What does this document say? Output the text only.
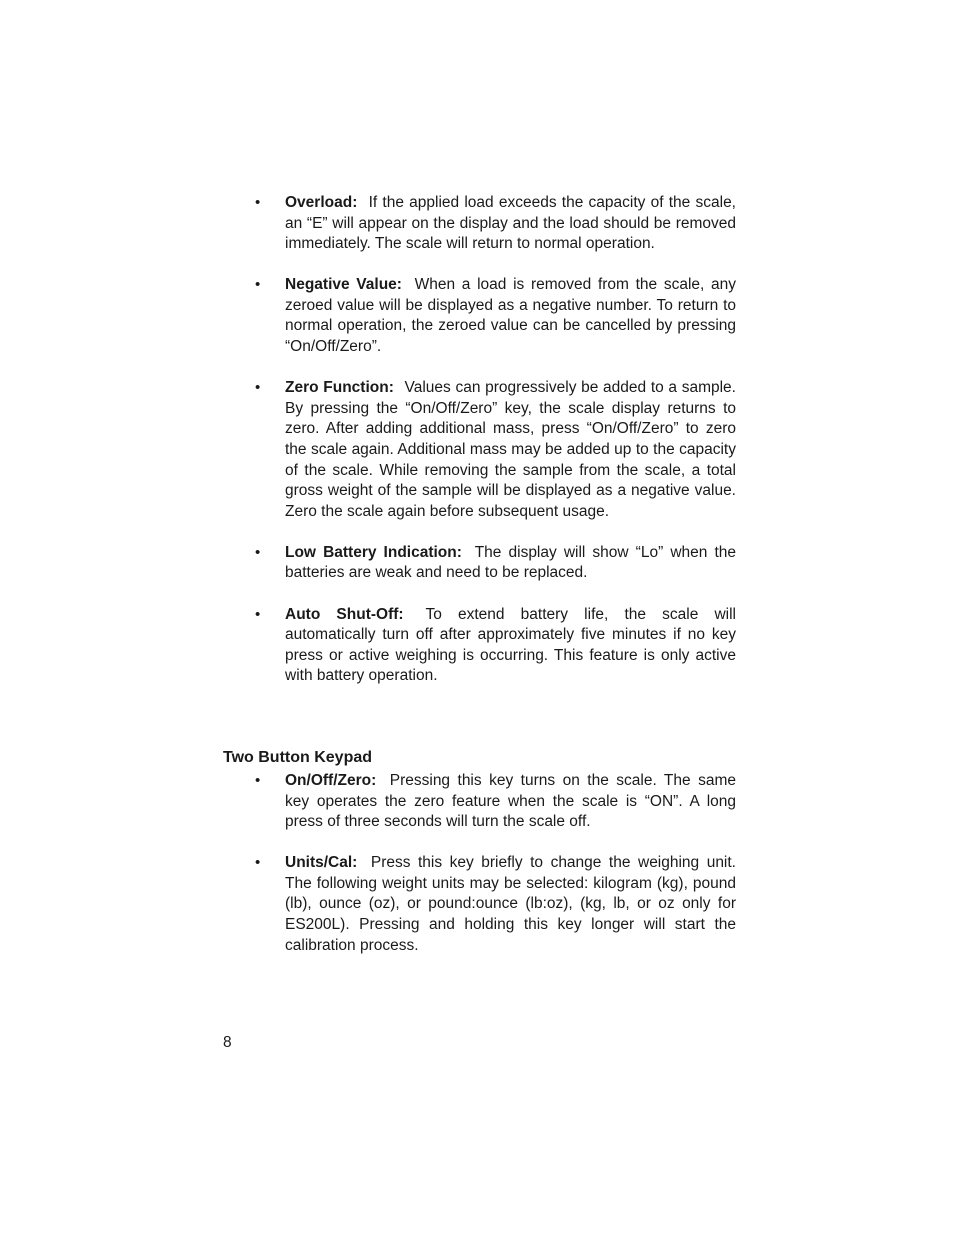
• Overload: If the applied load exceeds the capacity of the scale, an “E” will appear on the display and the load should be removed immediately. The scale will return to normal operation.
• Negative Value: When a load is removed from the scale, any zeroed value will be displayed as a negative number. To return to normal operation, the zeroed value can be cancelled by pressing “On/Off/Zero”.
• Zero Function: Values can progressively be added to a sample. By pressing the “On/Off/Zero” key, the scale display returns to zero. After adding additional mass, press “On/Off/Zero” to zero the scale again. Additional mass may be added up to the capacity of the scale. While removing the sample from the scale, a total gross weight of the sample will be displayed as a negative value. Zero the scale again before subsequent usage.
• Low Battery Indication: The display will show “Lo” when the batteries are weak and need to be replaced.
• Auto Shut-Off: To extend battery life, the scale will automatically turn off after approximately five minutes if no key press or active weighing is occurring. This feature is only active with battery operation.
Two Button Keypad
• On/Off/Zero: Pressing this key turns on the scale. The same key operates the zero feature when the scale is “ON”. A long press of three seconds will turn the scale off.
• Units/Cal: Press this key briefly to change the weighing unit. The following weight units may be selected: kilogram (kg), pound (lb), ounce (oz), or pound:ounce (lb:oz), (kg, lb, or oz only for ES200L). Pressing and holding this key longer will start the calibration process.
8
